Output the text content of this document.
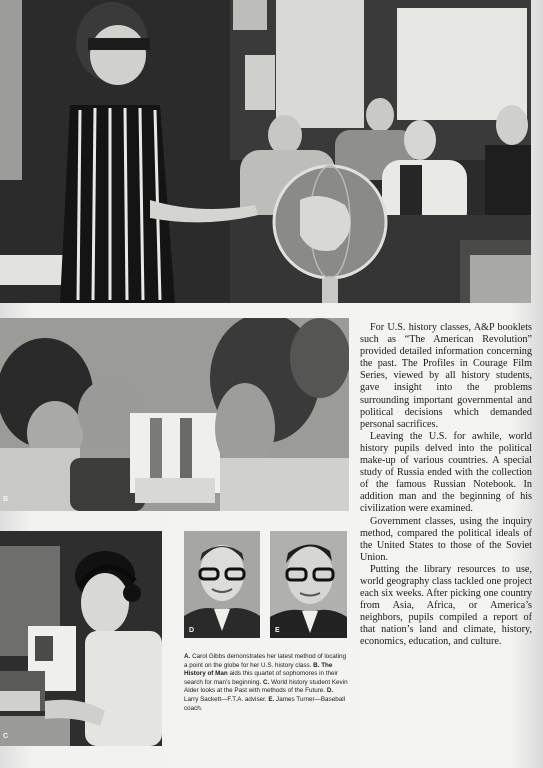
B
C
D	E

For U.S. history classes, A&P booklets such as “The American Revolution” provided detailed information concerning the past. The Profiles in Courage Film Series, viewed by all history students, gave insight into the problems surrounding important governmental and political decisions which demanded personal sacrifices.

Leaving the U.S. for awhile, world history pupils delved into the political make-up of various countries. A special study of Russia ended with the collection of the famous Russian Notebook. In addition man and the beginning of his civilization were examined.

Government classes, using the inquiry method, compared the political ideals of the United States to those of the Soviet Union.

Putting the library resources to use, world geography class tackled one project each six weeks. After picking one country from Asia, Africa, or America’s neighbors, pupils compiled a report of that nation’s land and climate, history, economics, education, and culture.

A. Carol Gibbs demonstrates her latest method of locating a point on the globe for her U.S. history class. B. The History of Man aids this quartet of sophomores in their search for man’s beginning. C. World history student Kevin Alder looks at the Past with methods of the Future. D. Larry Sackett—F.T.A. adviser. E. James Turner—Baseball coach.
